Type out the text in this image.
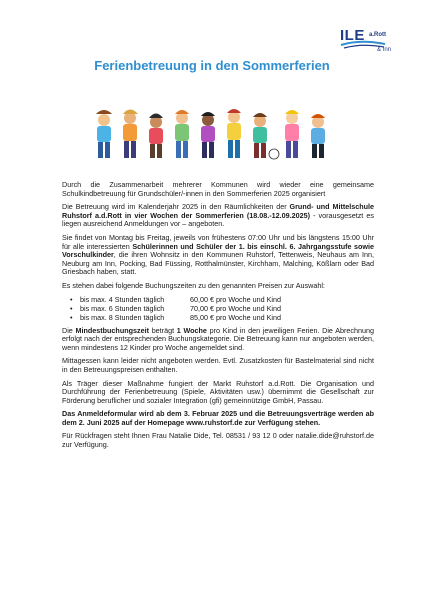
ILE a.Rott
& Inn
Ferienbetreuung in den Sommerferien

Durch die Zusammenarbeit mehrerer Kommunen wird wieder eine gemeinsame Schulkindbetreuung für Grundschüler/-innen in den Sommerferien 2025 organisiert

Die Betreuung wird im Kalenderjahr 2025 in den Räumlichkeiten der Grund- und Mittelschule Ruhstorf a.d.Rott in vier Wochen der Sommerferien (18.08.-12.09.2025) - vorausgesetzt es liegen ausreichend Anmeldungen vor – angeboten.

Sie findet von Montag bis Freitag, jeweils von frühestens 07:00 Uhr und bis längstens 15:00 Uhr für alle interessierten Schülerinnen und Schüler der 1. bis einschl. 6. Jahrgangsstufe sowie Vorschulkinder, die ihren Wohnsitz in den Kommunen Ruhstorf, Tettenweis, Neuhaus am Inn, Neuburg am Inn, Pocking, Bad Füssing, Rotthalmünster, Kirchham, Malching, Kößlarn oder Bad Griesbach haben, statt.

Es stehen dabei folgende Buchungszeiten zu den genannten Preisen zur Auswahl:

•	bis max. 4 Stunden täglich	60,00 € pro Woche und Kind
•	bis max. 6 Stunden täglich	70,00 € pro Woche und Kind
•	bis max. 8 Stunden täglich	85,00 € pro Woche und Kind

Die Mindestbuchungszeit beträgt 1 Woche pro Kind in den jeweiligen Ferien. Die Abrechnung erfolgt nach der entsprechenden Buchungskategorie. Die Betreuung kann nur angeboten werden, wenn mindestens 12 Kinder pro Woche angemeldet sind.

Mittagessen kann leider nicht angeboten werden. Evtl. Zusatzkosten für Bastelmaterial sind nicht in den Betreuungspreisen enthalten.

Als Träger dieser Maßnahme fungiert der Markt Ruhstorf a.d.Rott. Die Organisation und Durchführung der Ferienbetreuung (Spiele, Aktivitäten usw.) übernimmt die Gesellschaft zur Förderung beruflicher und sozialer Integration (gfi) gemeinnützige GmbH, Passau.

Das Anmeldeformular wird ab dem 3. Februar 2025 und die Betreuungsverträge werden ab dem 2. Juni 2025 auf der Homepage www.ruhstorf.de zur Verfügung stehen.

Für Rückfragen steht Ihnen Frau Natalie Dide, Tel. 08531 / 93 12 0 oder natalie.dide@ruhstorf.de zur Verfügung.
